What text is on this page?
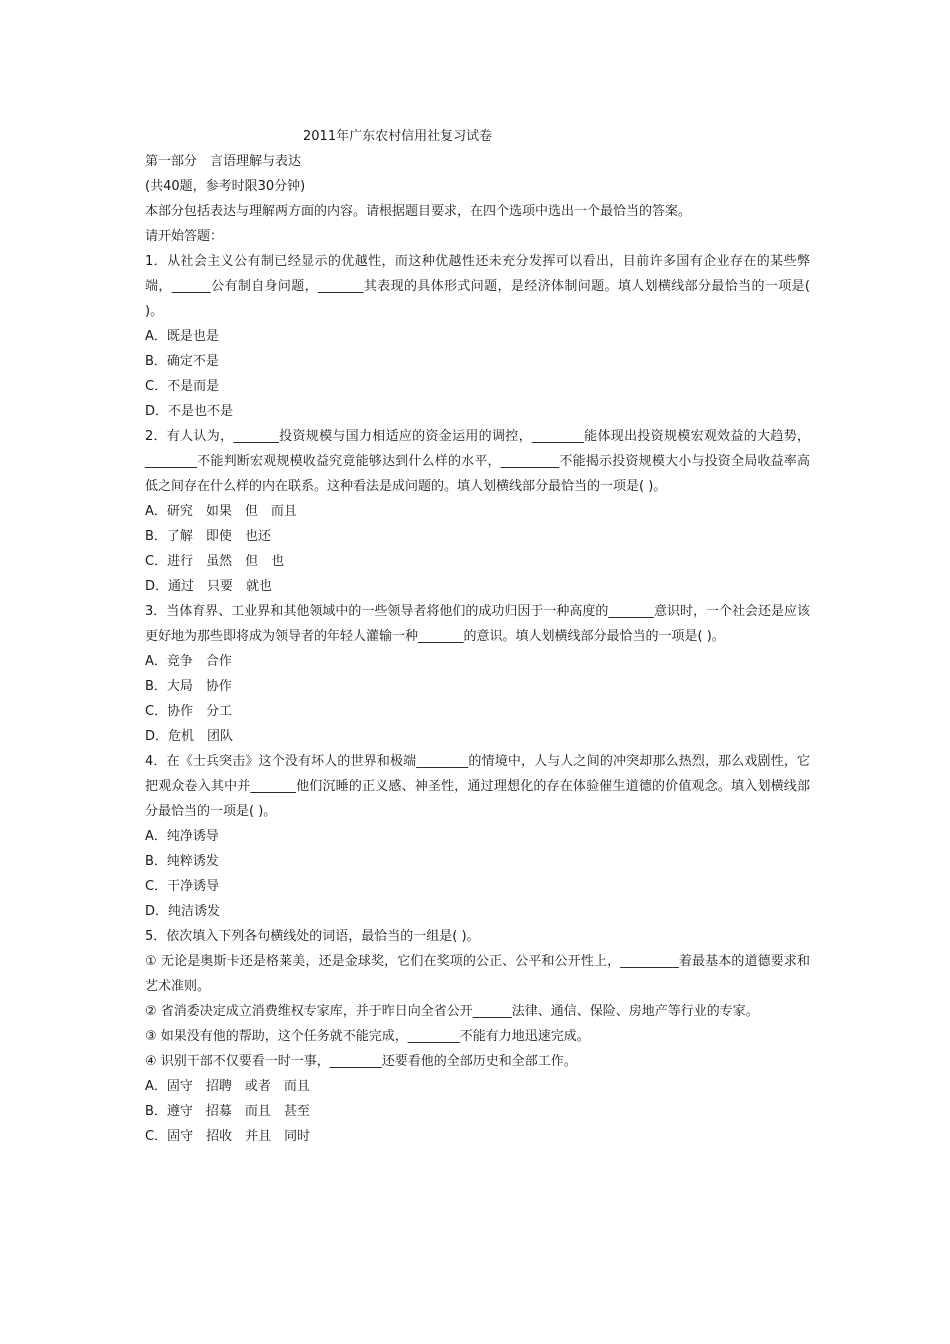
2011年广东农村信用社复习试卷

第一部分　言语理解与表达

(共40题，参考时限30分钟)

本部分包括表达与理解两方面的内容。请根据题目要求，在四个选项中选出一个最恰当的答案。

请开始答题：

1．从社会主义公有制已经显示的优越性，而这种优越性还未充分发挥可以看出，目前许多国有企业存在的某些弊端，______公有制自身问题，_______其表现的具体形式问题，是经济体制问题。填人划横线部分最恰当的一项是( )。

A．既是也是

B．确定不是

C．不是而是

D．不是也不是

2．有人认为，_______投资规模与国力相适应的资金运用的调控，________能体现出投资规模宏观效益的大趋势，________不能判断宏观规模收益究竟能够达到什么样的水平，_________不能揭示投资规模大小与投资全局收益率高低之间存在什么样的内在联系。这种看法是成问题的。填人划横线部分最恰当的一项是( )。

A．研究　如果　但　而且

B．了解　即使　也还

C．进行　虽然　但　也

D．通过　只要　就也

3．当体育界、工业界和其他领域中的一些领导者将他们的成功归因于一种高度的_______意识时，一个社会还是应该更好地为那些即将成为领导者的年轻人灌输一种_______的意识。填人划横线部分最恰当的一项是( )。

A．竞争　合作

B．大局　协作

C．协作　分工

D．危机　团队

4．在《士兵突击》这个没有坏人的世界和极端________的情境中，人与人之间的冲突却那么热烈，那么戏剧性，它把观众卷入其中并_______他们沉睡的正义感、神圣性，通过理想化的存在体验催生道德的价值观念。填入划横线部分最恰当的一项是( )。

A．纯净诱导

B．纯粹诱发

C．干净诱导

D．纯洁诱发

5．依次填入下列各句横线处的词语，最恰当的一组是( )。

① 无论是奥斯卡还是格莱美，还是金球奖，它们在奖项的公正、公平和公开性上，_________着最基本的道德要求和艺术准则。

② 省消委决定成立消费维权专家库，并于昨日向全省公开______法律、通信、保险、房地产等行业的专家。

③ 如果没有他的帮助，这个任务就不能完成，________不能有力地迅速完成。

④ 识别干部不仅要看一时一事，________还要看他的全部历史和全部工作。

A．固守　招聘　或者　而且

B．遵守　招募　而且　甚至

C．固守　招收　并且　同时
